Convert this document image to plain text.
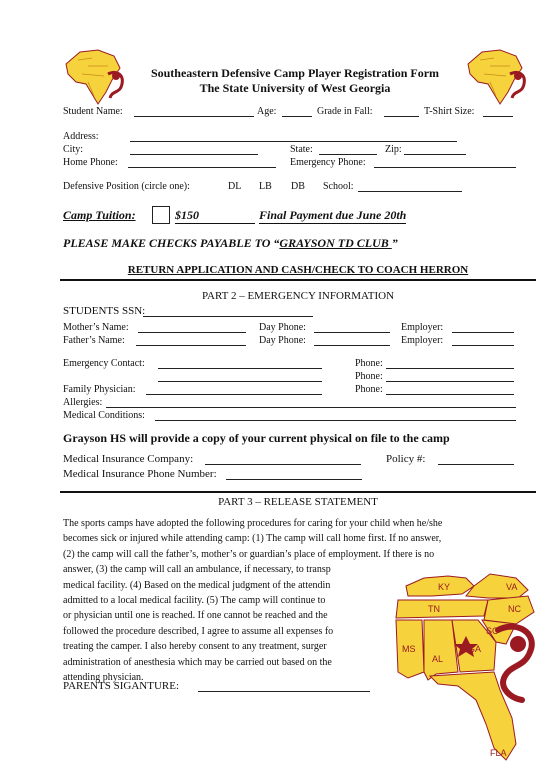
Southeastern Defensive Camp Player Registration Form
The State University of West Georgia
Student Name:	Age:	Grade in Fall:	T-Shirt Size:
Address:
City:	State:	Zip:
Home Phone:	Emergency Phone:
Defensive Position (circle one):	DL LB DB School:
Camp Tuition:	$150	Final Payment due June 20th
PLEASE MAKE CHECKS PAYABLE TO “GRAYSON TD CLUB ”
RETURN APPLICATION AND CASH/CHECK TO COACH HERRON
PART 2 – EMERGENCY INFORMATION
STUDENTS SSN:
Mother’s Name:	Day Phone:	Employer:
Father’s Name:	Day Phone:	Employer:
Emergency Contact:	Phone:
Phone:
Family Physician:	Phone:
Allergies:
Medical Conditions:
Grayson HS will provide a copy of your current physical on file to the camp
Medical Insurance Company:	Policy #:
Medical Insurance Phone Number:
PART 3 – RELEASE STATEMENT
The sports camps have adopted the following procedures for caring for your child when he/she
becomes sick or injured while attending camp: (1) The camp will call home first. If no answer,
(2) the camp will call the father’s, mother’s or guardian’s place of employment. If there is no
answer, (3) the camp will call an ambulance, if necessary, to transp
medical facility. (4) Based on the medical judgment of the attendin
admitted to a local medical facility. (5) The camp will continue to
or physician until one is reached. If one cannot be reached and the
followed the procedure described, I agree to assume all expenses fo
treating the camper. I also hereby consent to any treatment, surger
administration of anesthesia which may be carried out based on the
attending physician.
PARENTS SIGANTURE:
KY	VA
TN	NC
SC
MS
AL
GA
FLA
